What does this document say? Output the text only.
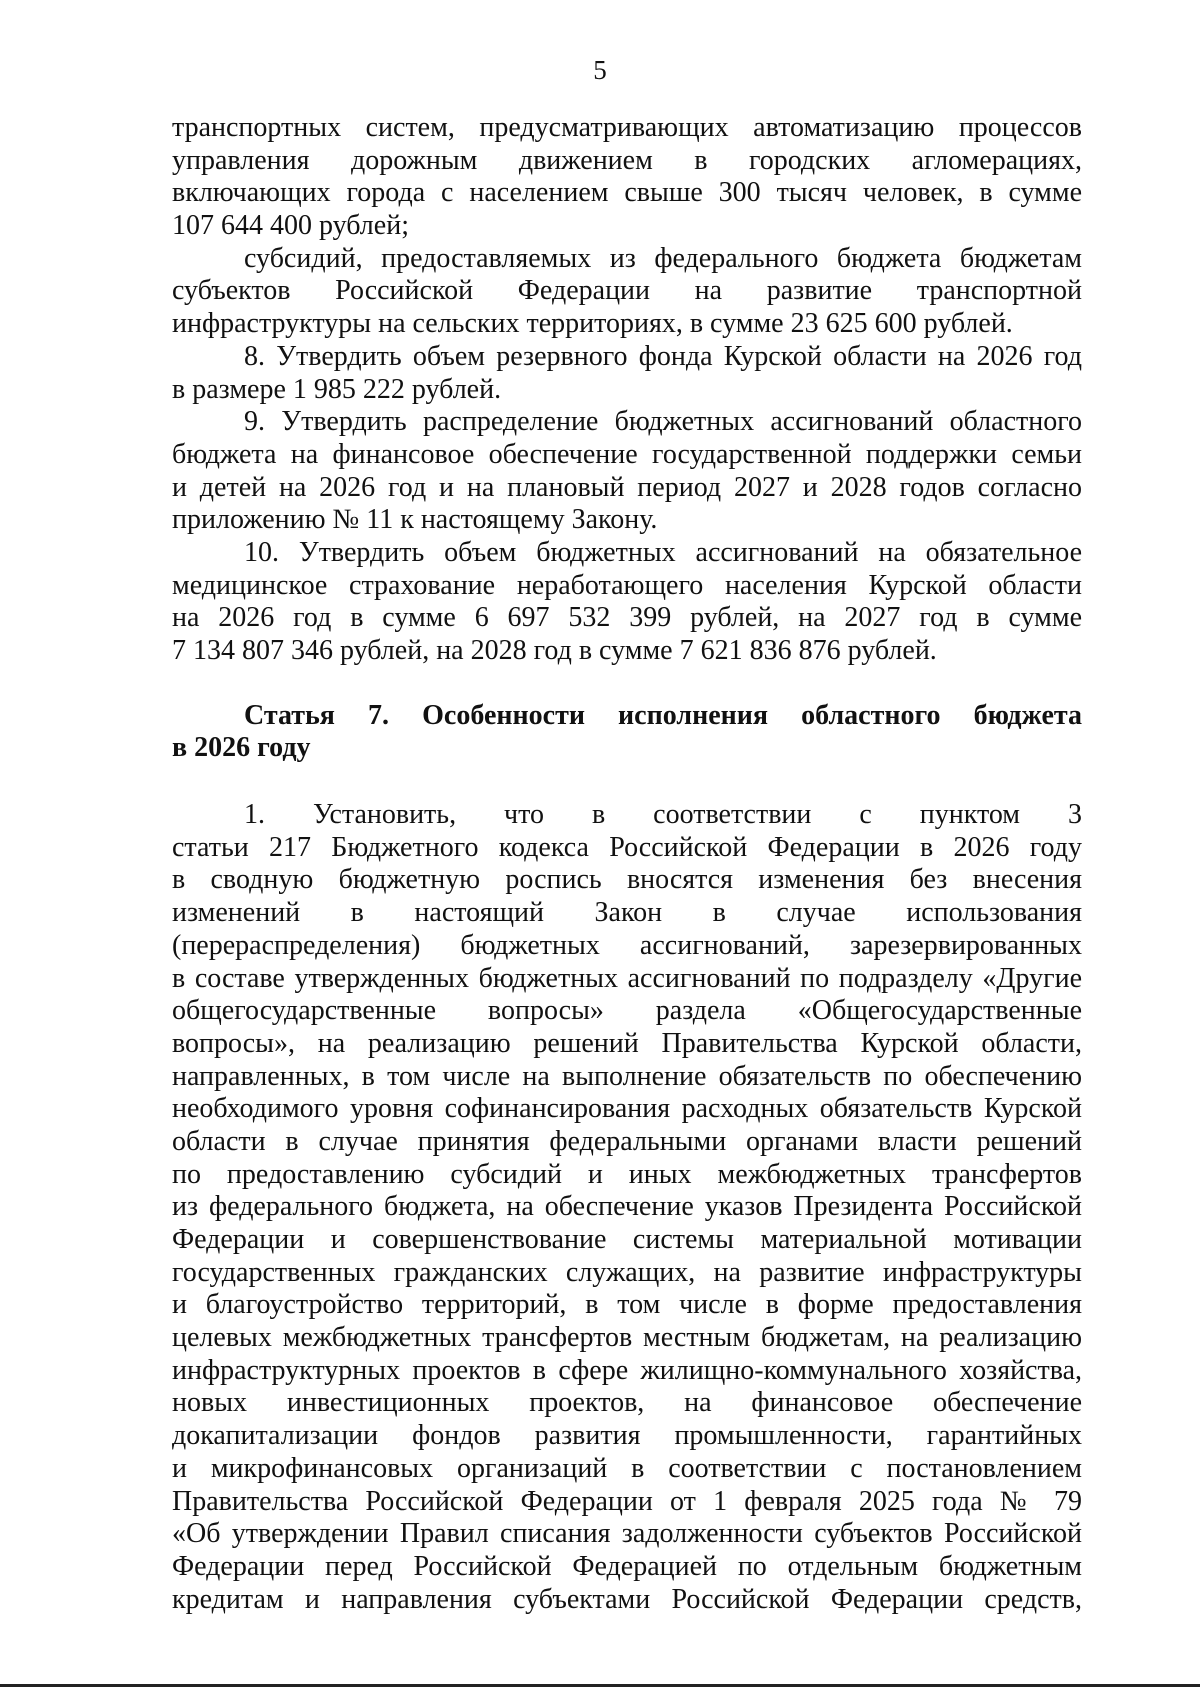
5
транспортных систем, предусматривающих автоматизацию процессов
управления дорожным движением в городских агломерациях,
включающих города с населением свыше 300 тысяч человек, в сумме
107 644 400 рублей;
субсидий, предоставляемых из федерального бюджета бюджетам
субъектов Российской Федерации на развитие транспортной
инфраструктуры на сельских территориях, в сумме 23 625 600 рублей.
8. Утвердить объем резервного фонда Курской области на 2026 год
в размере 1 985 222 рублей.
9. Утвердить распределение бюджетных ассигнований областного
бюджета на финансовое обеспечение государственной поддержки семьи
и детей на 2026 год и на плановый период 2027 и 2028 годов согласно
приложению № 11 к настоящему Закону.
10. Утвердить объем бюджетных ассигнований на обязательное
медицинское страхование неработающего населения Курской области
на 2026 год в сумме 6 697 532 399 рублей, на 2027 год в сумме
7 134 807 346 рублей, на 2028 год в сумме 7 621 836 876 рублей.
Статья 7. Особенности исполнения областного бюджета
в 2026 году
1. Установить, что в соответствии с пунктом 3
статьи 217 Бюджетного кодекса Российской Федерации в 2026 году
в сводную бюджетную роспись вносятся изменения без внесения
изменений в настоящий Закон в случае использования
(перераспределения) бюджетных ассигнований, зарезервированных
в составе утвержденных бюджетных ассигнований по подразделу «Другие
общегосударственные вопросы» раздела «Общегосударственные
вопросы», на реализацию решений Правительства Курской области,
направленных, в том числе на выполнение обязательств по обеспечению
необходимого уровня софинансирования расходных обязательств Курской
области в случае принятия федеральными органами власти решений
по предоставлению субсидий и иных межбюджетных трансфертов
из федерального бюджета, на обеспечение указов Президента Российской
Федерации и совершенствование системы материальной мотивации
государственных гражданских служащих, на развитие инфраструктуры
и благоустройство территорий, в том числе в форме предоставления
целевых межбюджетных трансфертов местным бюджетам, на реализацию
инфраструктурных проектов в сфере жилищно-коммунального хозяйства,
новых инвестиционных проектов, на финансовое обеспечение
докапитализации фондов развития промышленности, гарантийных
и микрофинансовых организаций в соответствии с постановлением
Правительства Российской Федерации от 1 февраля 2025 года № 79
«Об утверждении Правил списания задолженности субъектов Российской
Федерации перед Российской Федерацией по отдельным бюджетным
кредитам и направления субъектами Российской Федерации средств,
